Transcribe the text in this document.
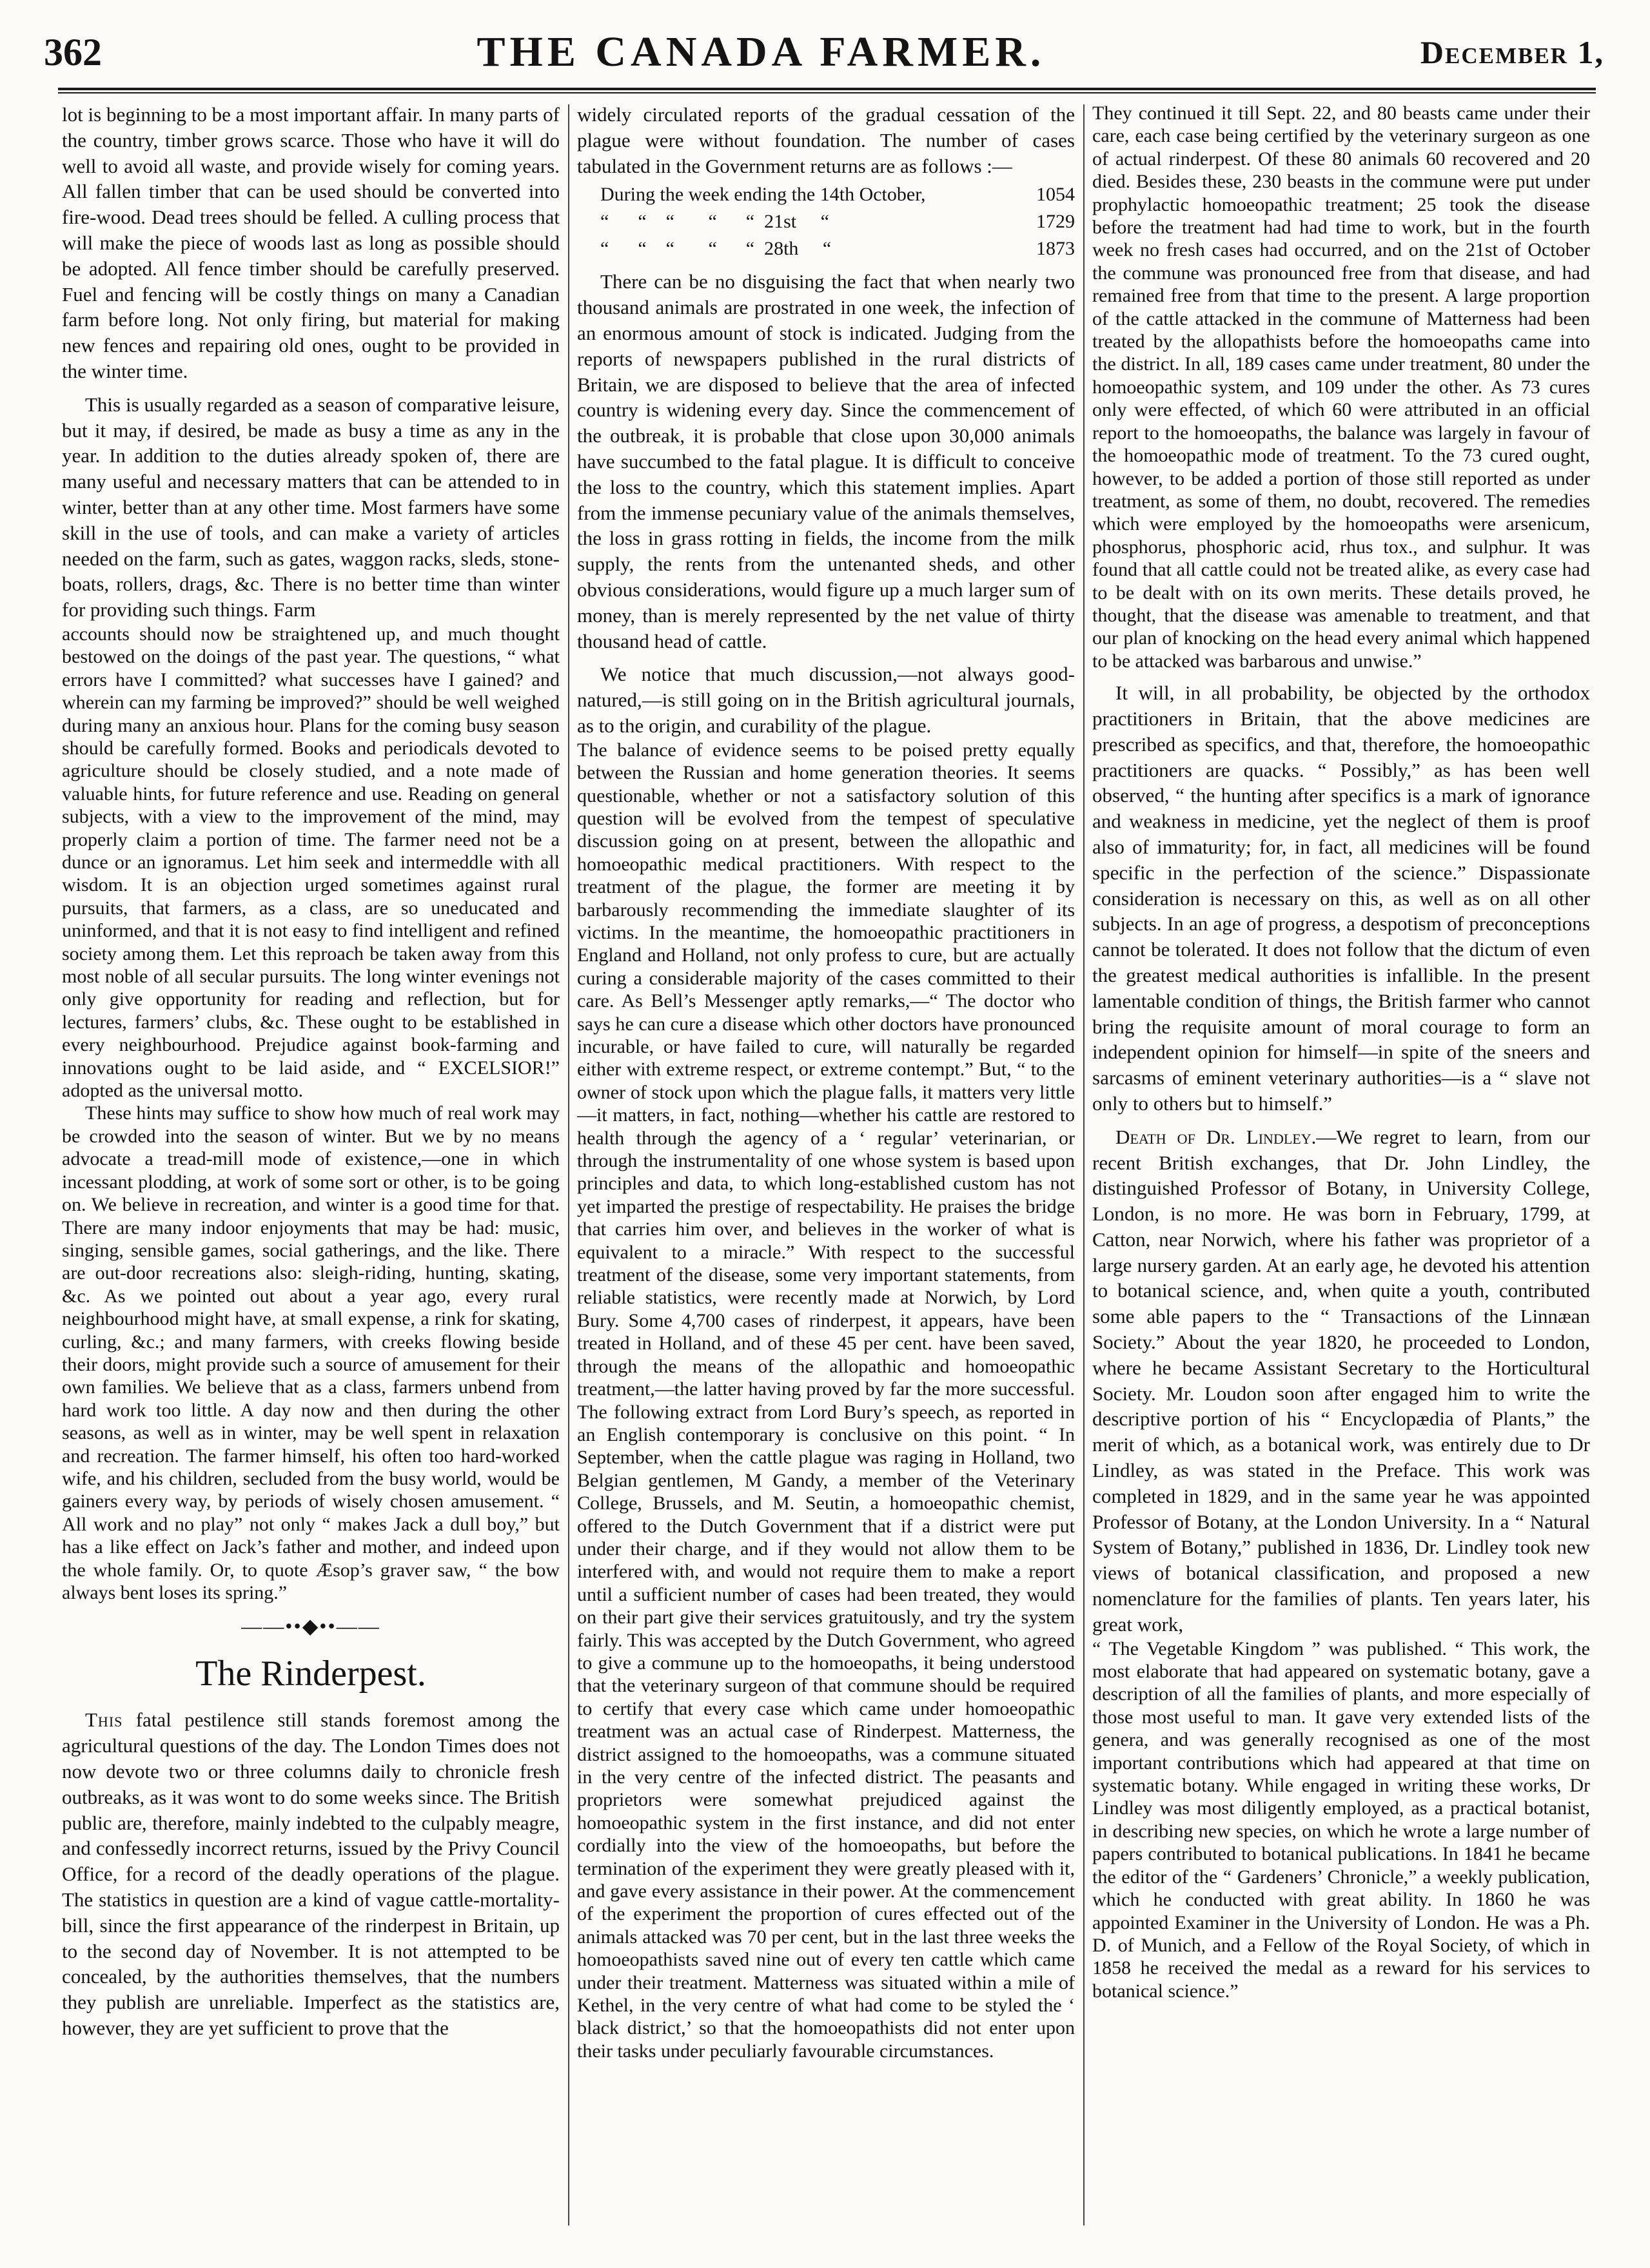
362	THE CANADA FARMER.	December 1,

lot is beginning to be a most important affair. In many parts of the country, timber grows scarce. Those who have it will do well to avoid all waste, and provide wisely for coming years. All fallen timber that can be used should be converted into fire-wood. Dead trees should be felled. A culling process that will make the piece of woods last as long as possible should be adopted. All fence timber should be carefully preserved. Fuel and fencing will be costly things on many a Canadian farm before long. Not only firing, but material for making new fences and repairing old ones, ought to be provided in the winter time.

This is usually regarded as a season of comparative leisure, but it may, if desired, be made as busy a time as any in the year. In addition to the duties already spoken of, there are many useful and necessary matters that can be attended to in winter, better than at any other time. Most farmers have some skill in the use of tools, and can make a variety of articles needed on the farm, such as gates, waggon racks, sleds, stone-boats, rollers, drags, &c. There is no better time than winter for providing such things. Farm

accounts should now be straightened up, and much thought bestowed on the doings of the past year. The questions, “ what errors have I committed? what successes have I gained? and wherein can my farming be improved?” should be well weighed during many an anxious hour. Plans for the coming busy season should be carefully formed. Books and periodicals devoted to agriculture should be closely studied, and a note made of valuable hints, for future reference and use. Reading on general subjects, with a view to the improvement of the mind, may properly claim a portion of time. The farmer need not be a dunce or an ignoramus. Let him seek and intermeddle with all wisdom. It is an objection urged sometimes against rural pursuits, that farmers, as a class, are so uneducated and uninformed, and that it is not easy to find intelligent and refined society among them. Let this reproach be taken away from this most noble of all secular pursuits. The long winter evenings not only give opportunity for reading and reflection, but for lectures, farmers’ clubs, &c. These ought to be established in every neighbourhood. Prejudice against book-farming and innovations ought to be laid aside, and “ EXCELSIOR!” adopted as the universal motto.

These hints may suffice to show how much of real work may be crowded into the season of winter. But we by no means advocate a tread-mill mode of existence,—one in which incessant plodding, at work of some sort or other, is to be going on. We believe in recreation, and winter is a good time for that. There are many indoor enjoyments that may be had: music, singing, sensible games, social gatherings, and the like. There are out-door recreations also: sleigh-riding, hunting, skating, &c. As we pointed out about a year ago, every rural neighbourhood might have, at small expense, a rink for skating, curling, &c.; and many farmers, with creeks flowing beside their doors, might provide such a source of amusement for their own families. We believe that as a class, farmers unbend from hard work too little. A day now and then during the other seasons, as well as in winter, may be well spent in relaxation and recreation. The farmer himself, his often too hard-worked wife, and his children, secluded from the busy world, would be gainers every way, by periods of wisely chosen amusement. “ All work and no play” not only “ makes Jack a dull boy,” but has a like effect on Jack’s father and mother, and indeed upon the whole family. Or, to quote Æsop’s graver saw, “ the bow always bent loses its spring.”

——••◆••——
The Rinderpest.

This fatal pestilence still stands foremost among the agricultural questions of the day. The London Times does not now devote two or three columns daily to chronicle fresh outbreaks, as it was wont to do some weeks since. The British public are, therefore, mainly indebted to the culpably meagre, and confessedly incorrect returns, issued by the Privy Council Office, for a record of the deadly operations of the plague. The statistics in question are a kind of vague cattle-mortality-bill, since the first appearance of the rinderpest in Britain, up to the second day of November. It is not attempted to be concealed, by the authorities themselves, that the numbers they publish are unreliable. Imperfect as the statistics are, however, they are yet sufficient to prove that the

widely circulated reports of the gradual cessation of the plague were without foundation. The number of cases tabulated in the Government returns are as follows :—

During the week ending the 14th October,	1054
“      “    “       “      “  21st     “	1729
“      “    “       “      “  28th     “	1873

There can be no disguising the fact that when nearly two thousand animals are prostrated in one week, the infection of an enormous amount of stock is indicated. Judging from the reports of newspapers published in the rural districts of Britain, we are disposed to believe that the area of infected country is widening every day. Since the commencement of the outbreak, it is probable that close upon 30,000 animals have succumbed to the fatal plague. It is difficult to conceive the loss to the country, which this statement implies. Apart from the immense pecuniary value of the animals themselves, the loss in grass rotting in fields, the income from the milk supply, the rents from the untenanted sheds, and other obvious considerations, would figure up a much larger sum of money, than is merely represented by the net value of thirty thousand head of cattle.

We notice that much discussion,—not always good-natured,—is still going on in the British agricultural journals, as to the origin, and curability of the plague.

The balance of evidence seems to be poised pretty equally between the Russian and home generation theories. It seems questionable, whether or not a satisfactory solution of this question will be evolved from the tempest of speculative discussion going on at present, between the allopathic and homoeopathic medical practitioners. With respect to the treatment of the plague, the former are meeting it by barbarously recommending the immediate slaughter of its victims. In the meantime, the homoeopathic practitioners in England and Holland, not only profess to cure, but are actually curing a considerable majority of the cases committed to their care. As Bell’s Messenger aptly remarks,—“ The doctor who says he can cure a disease which other doctors have pronounced incurable, or have failed to cure, will naturally be regarded either with extreme respect, or extreme contempt.” But, “ to the owner of stock upon which the plague falls, it matters very little—it matters, in fact, nothing—whether his cattle are restored to health through the agency of a ‘ regular’ veterinarian, or through the instrumentality of one whose system is based upon principles and data, to which long-established custom has not yet imparted the prestige of respectability. He praises the bridge that carries him over, and believes in the worker of what is equivalent to a miracle.” With respect to the successful treatment of the disease, some very important statements, from reliable statistics, were recently made at Norwich, by Lord Bury. Some 4,700 cases of rinderpest, it appears, have been treated in Holland, and of these 45 per cent. have been saved, through the means of the allopathic and homoeopathic treatment,—the latter having proved by far the more successful. The following extract from Lord Bury’s speech, as reported in an English contemporary is conclusive on this point. “ In September, when the cattle plague was raging in Holland, two Belgian gentlemen, M Gandy, a member of the Veterinary College, Brussels, and M. Seutin, a homoeopathic chemist, offered to the Dutch Government that if a district were put under their charge, and if they would not allow them to be interfered with, and would not require them to make a report until a sufficient number of cases had been treated, they would on their part give their services gratuitously, and try the system fairly. This was accepted by the Dutch Government, who agreed to give a commune up to the homoeopaths, it being understood that the veterinary surgeon of that commune should be required to certify that every case which came under homoeopathic treatment was an actual case of Rinderpest. Matterness, the district assigned to the homoeopaths, was a commune situated in the very centre of the infected district. The peasants and proprietors were somewhat prejudiced against the homoeopathic system in the first instance, and did not enter cordially into the view of the homoeopaths, but before the termination of the experiment they were greatly pleased with it, and gave every assistance in their power. At the commencement of the experiment the proportion of cures effected out of the animals attacked was 70 per cent, but in the last three weeks the homoeopathists saved nine out of every ten cattle which came under their treatment. Matterness was situated within a mile of Kethel, in the very centre of what had come to be styled the ‘ black district,’ so that the homoeopathists did not enter upon their tasks under peculiarly favourable circumstances.

They continued it till Sept. 22, and 80 beasts came under their care, each case being certified by the veterinary surgeon as one of actual rinderpest. Of these 80 animals 60 recovered and 20 died. Besides these, 230 beasts in the commune were put under prophylactic homoeopathic treatment; 25 took the disease before the treatment had had time to work, but in the fourth week no fresh cases had occurred, and on the 21st of October the commune was pronounced free from that disease, and had remained free from that time to the present. A large proportion of the cattle attacked in the commune of Matterness had been treated by the allopathists before the homoeopaths came into the district. In all, 189 cases came under treatment, 80 under the homoeopathic system, and 109 under the other. As 73 cures only were effected, of which 60 were attributed in an official report to the homoeopaths, the balance was largely in favour of the homoeopathic mode of treatment. To the 73 cured ought, however, to be added a portion of those still reported as under treatment, as some of them, no doubt, recovered. The remedies which were employed by the homoeopaths were arsenicum, phosphorus, phosphoric acid, rhus tox., and sulphur. It was found that all cattle could not be treated alike, as every case had to be dealt with on its own merits. These details proved, he thought, that the disease was amenable to treatment, and that our plan of knocking on the head every animal which happened to be attacked was barbarous and unwise.”

It will, in all probability, be objected by the orthodox practitioners in Britain, that the above medicines are prescribed as specifics, and that, therefore, the homoeopathic practitioners are quacks. “ Possibly,” as has been well observed, “ the hunting after specifics is a mark of ignorance and weakness in medicine, yet the neglect of them is proof also of immaturity; for, in fact, all medicines will be found specific in the perfection of the science.” Dispassionate consideration is necessary on this, as well as on all other subjects. In an age of progress, a despotism of preconceptions cannot be tolerated. It does not follow that the dictum of even the greatest medical authorities is infallible. In the present lamentable condition of things, the British farmer who cannot bring the requisite amount of moral courage to form an independent opinion for himself—in spite of the sneers and sarcasms of eminent veterinary authorities—is a “ slave not only to others but to himself.”

Death of Dr. Lindley.—We regret to learn, from our recent British exchanges, that Dr. John Lindley, the distinguished Professor of Botany, in University College, London, is no more. He was born in February, 1799, at Catton, near Norwich, where his father was proprietor of a large nursery garden. At an early age, he devoted his attention to botanical science, and, when quite a youth, contributed some able papers to the “ Transactions of the Linnæan Society.” About the year 1820, he proceeded to London, where he became Assistant Secretary to the Horticultural Society. Mr. Loudon soon after engaged him to write the descriptive portion of his “ Encyclopædia of Plants,” the merit of which, as a botanical work, was entirely due to Dr Lindley, as was stated in the Preface. This work was completed in 1829, and in the same year he was appointed Professor of Botany, at the London University. In a “ Natural System of Botany,” published in 1836, Dr. Lindley took new views of botanical classification, and proposed a new nomenclature for the families of plants. Ten years later, his great work,

“ The Vegetable Kingdom ” was published. “ This work, the most elaborate that had appeared on systematic botany, gave a description of all the families of plants, and more especially of those most useful to man. It gave very extended lists of the genera, and was generally recognised as one of the most important contributions which had appeared at that time on systematic botany. While engaged in writing these works, Dr Lindley was most diligently employed, as a practical botanist, in describing new species, on which he wrote a large number of papers contributed to botanical publications. In 1841 he became the editor of the “ Gardeners’ Chronicle,” a weekly publication, which he conducted with great ability. In 1860 he was appointed Examiner in the University of London. He was a Ph. D. of Munich, and a Fellow of the Royal Society, of which in 1858 he received the medal as a reward for his services to botanical science.”
